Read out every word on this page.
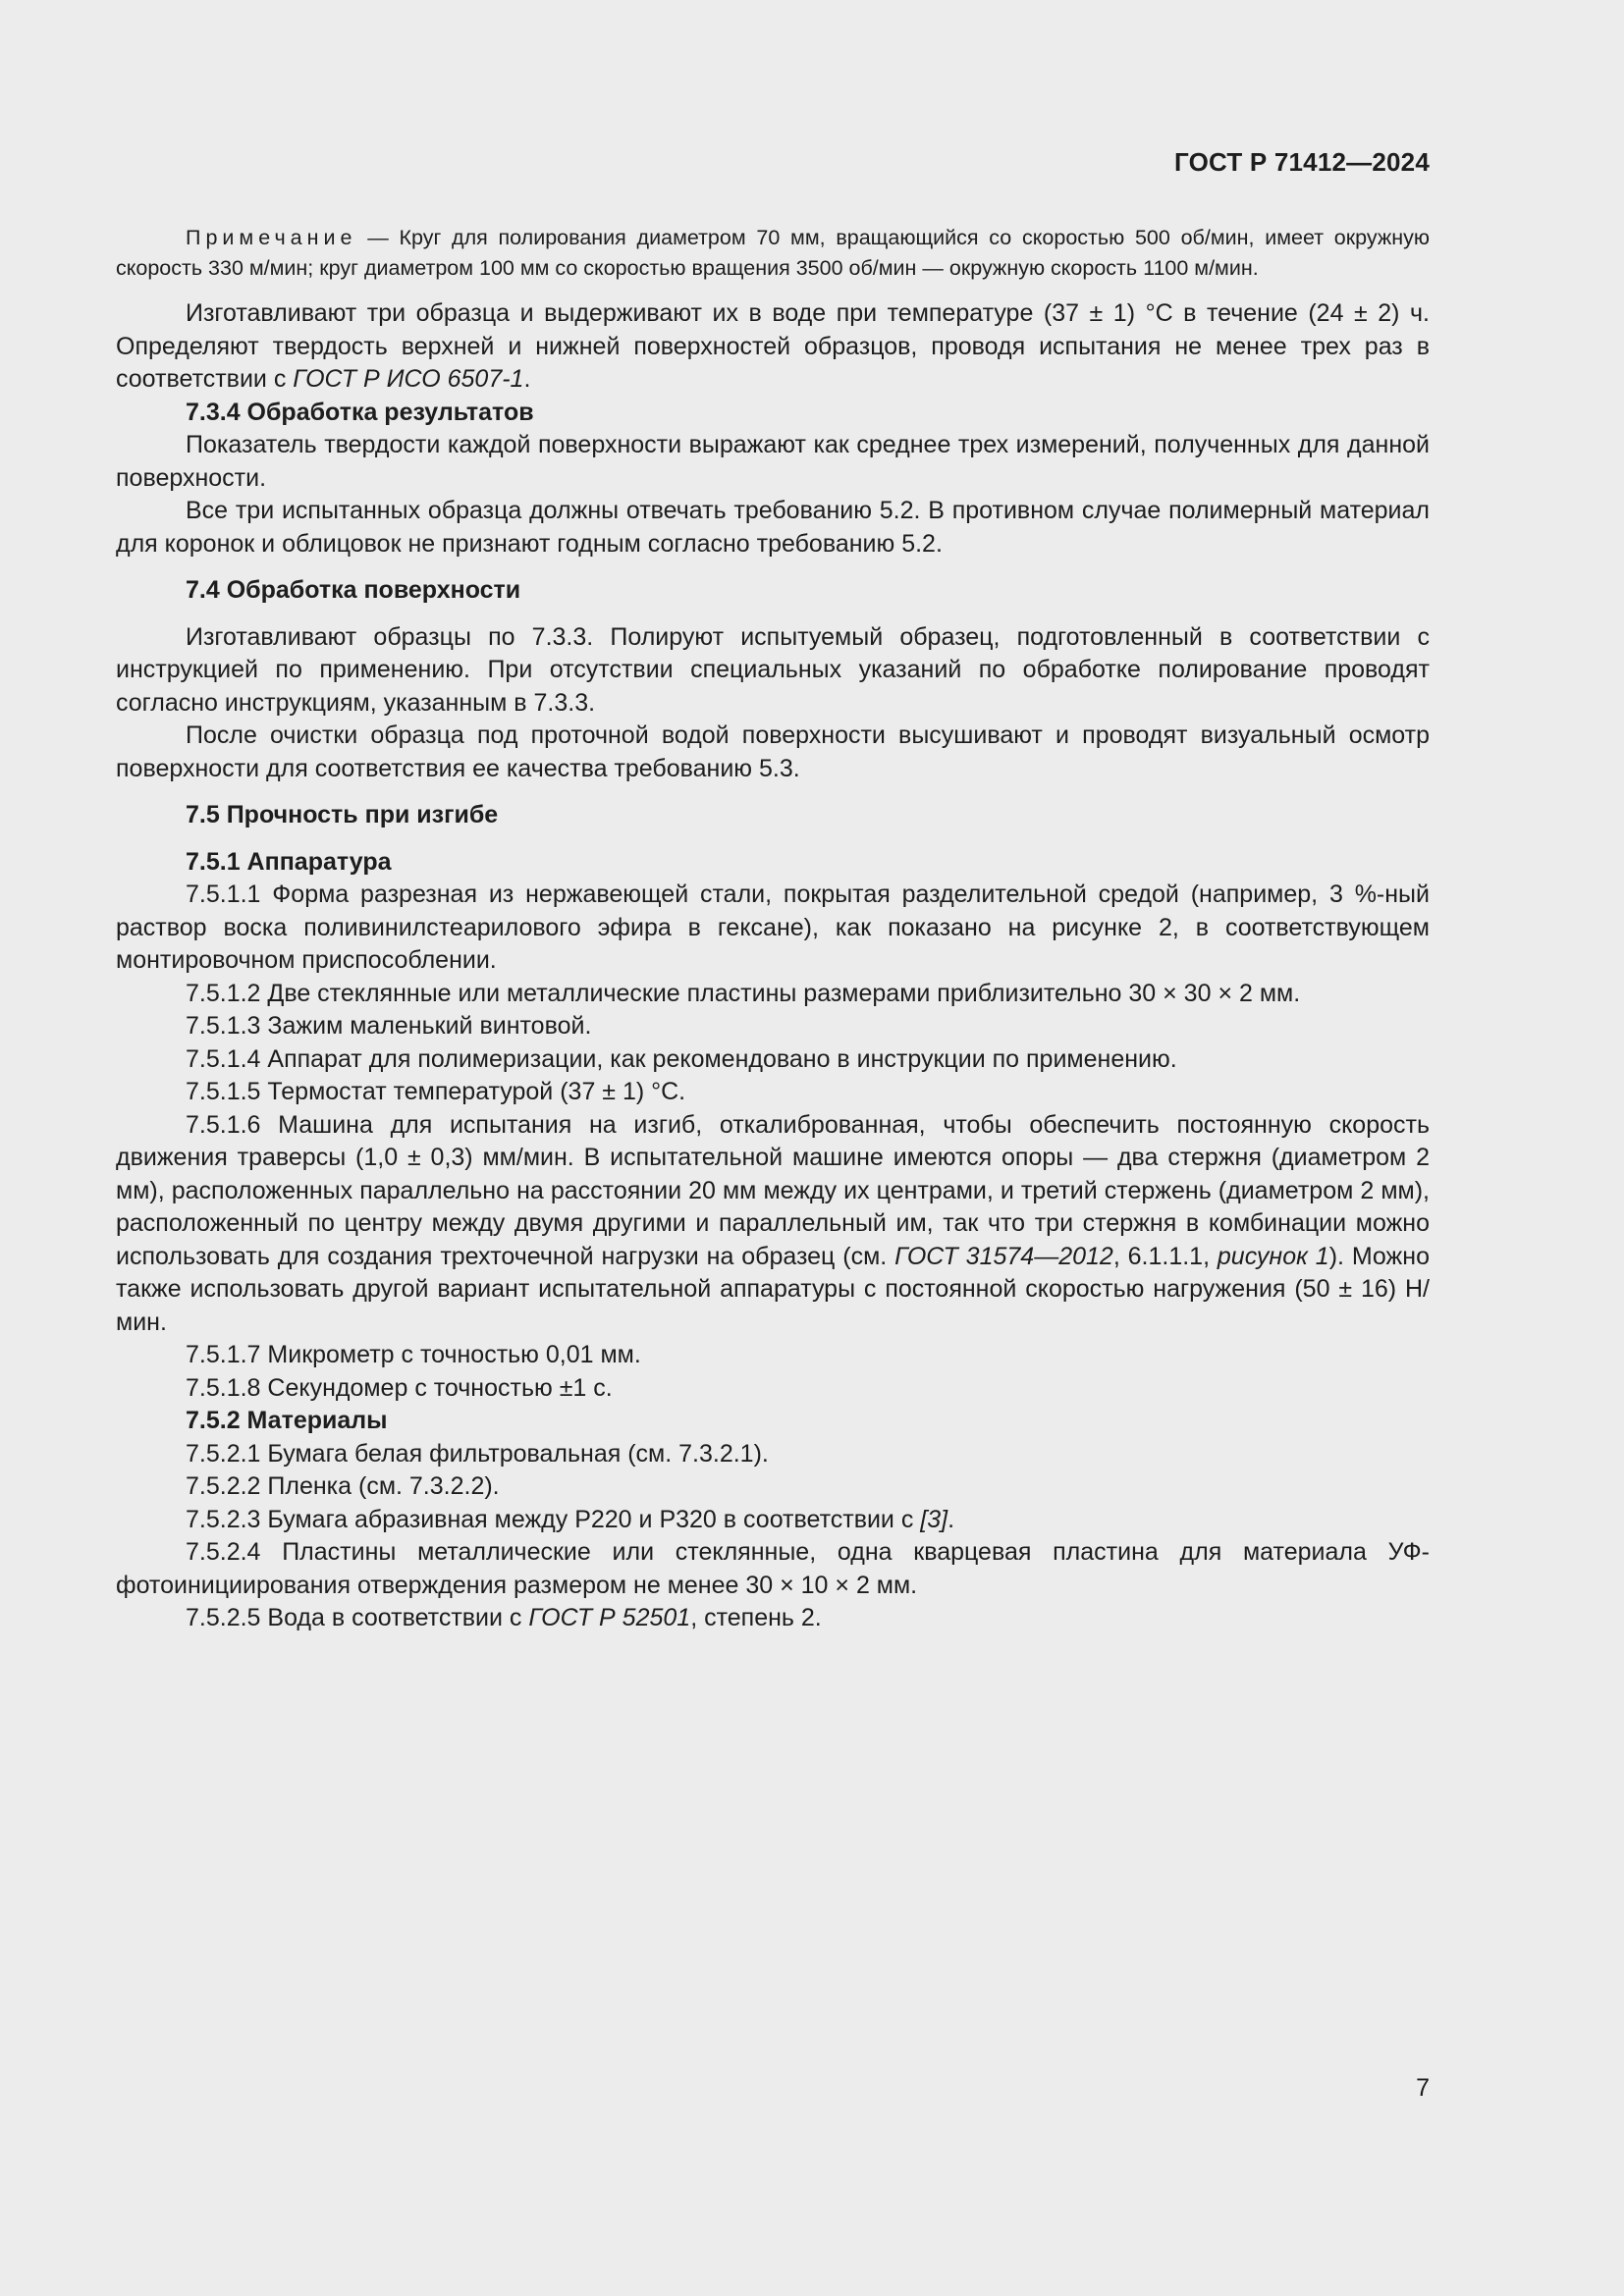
ГОСТ Р 71412—2024

Примечание — Круг для полирования диаметром 70 мм, вращающийся со скоростью 500 об/мин, имеет окружную скорость 330 м/мин; круг диаметром 100 мм со скоростью вращения 3500 об/мин — окружную скорость 1100 м/мин.

Изготавливают три образца и выдерживают их в воде при температуре (37 ± 1) °C в течение (24 ± 2) ч. Определяют твердость верхней и нижней поверхностей образцов, проводя испытания не менее трех раз в соответствии с ГОСТ Р ИСО 6507-1.

7.3.4 Обработка результатов

Показатель твердости каждой поверхности выражают как среднее трех измерений, полученных для данной поверхности.

Все три испытанных образца должны отвечать требованию 5.2. В противном случае полимерный материал для коронок и облицовок не признают годным согласно требованию 5.2.

7.4 Обработка поверхности

Изготавливают образцы по 7.3.3. Полируют испытуемый образец, подготовленный в соответствии с инструкцией по применению. При отсутствии специальных указаний по обработке полирование проводят согласно инструкциям, указанным в 7.3.3.

После очистки образца под проточной водой поверхности высушивают и проводят визуальный осмотр поверхности для соответствия ее качества требованию 5.3.

7.5 Прочность при изгибе

7.5.1 Аппаратура

7.5.1.1 Форма разрезная из нержавеющей стали, покрытая разделительной средой (например, 3 %-ный раствор воска поливинилстеарилового эфира в гексане), как показано на рисунке 2, в соответствующем монтировочном приспособлении.

7.5.1.2 Две стеклянные или металлические пластины размерами приблизительно 30 × 30 × 2 мм.

7.5.1.3 Зажим маленький винтовой.

7.5.1.4 Аппарат для полимеризации, как рекомендовано в инструкции по применению.

7.5.1.5 Термостат температурой (37 ± 1) °C.

7.5.1.6 Машина для испытания на изгиб, откалиброванная, чтобы обеспечить постоянную скорость движения траверсы (1,0 ± 0,3) мм/мин. В испытательной машине имеются опоры — два стержня (диаметром 2 мм), расположенных параллельно на расстоянии 20 мм между их центрами, и третий стержень (диаметром 2 мм), расположенный по центру между двумя другими и параллельный им, так что три стержня в комбинации можно использовать для создания трехточечной нагрузки на образец (см. ГОСТ 31574—2012, 6.1.1.1, рисунок 1). Можно также использовать другой вариант испытательной аппаратуры с постоянной скоростью нагружения (50 ± 16) Н/мин.

7.5.1.7 Микрометр с точностью 0,01 мм.

7.5.1.8 Секундомер с точностью ±1 с.

7.5.2 Материалы

7.5.2.1 Бумага белая фильтровальная (см. 7.3.2.1).

7.5.2.2 Пленка (см. 7.3.2.2).

7.5.2.3 Бумага абразивная между Р220 и Р320 в соответствии с [3].

7.5.2.4 Пластины металлические или стеклянные, одна кварцевая пластина для материала УФ-фотоинициирования отверждения размером не менее 30 × 10 × 2 мм.

7.5.2.5 Вода в соответствии с ГОСТ Р 52501, степень 2.

7
